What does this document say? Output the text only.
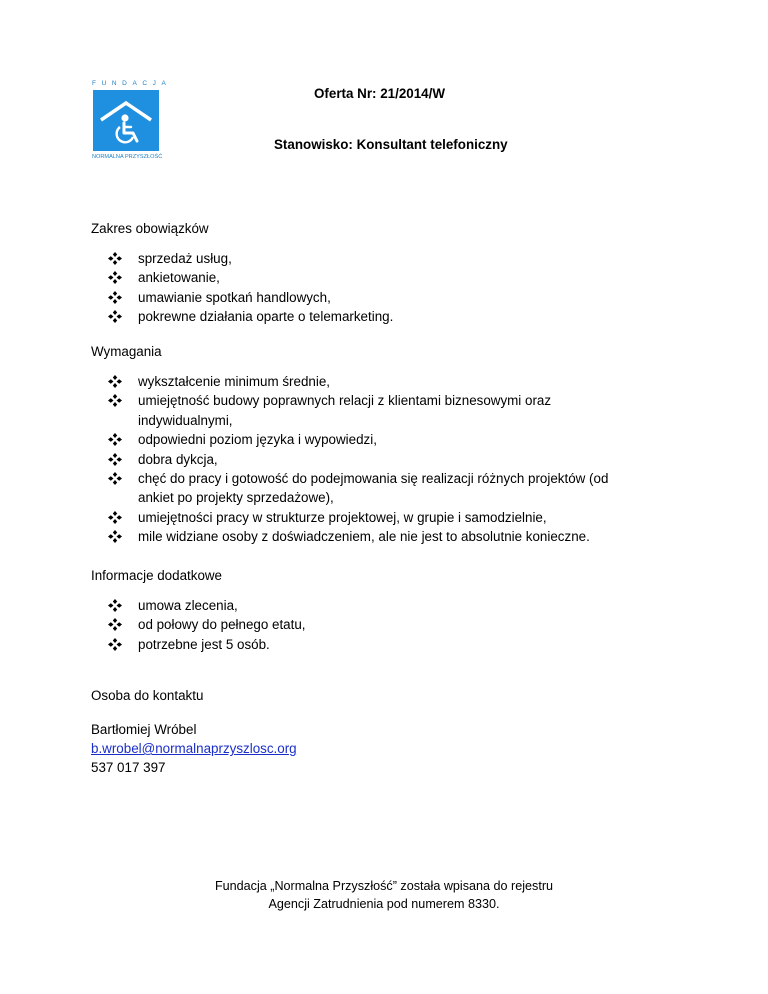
FUNDACJA
NORMALNA PRZYSZŁOŚĆ
Oferta Nr: 21/2014/W
Stanowisko: Konsultant telefoniczny
Zakres obowiązków
sprzedaż usług,
ankietowanie,
umawianie spotkań handlowych,
pokrewne działania oparte o telemarketing.
Wymagania
wykształcenie minimum średnie,
umiejętność budowy poprawnych relacji z klientami biznesowymi oraz
indywidualnymi,
odpowiedni poziom języka i wypowiedzi,
dobra dykcja,
chęć do pracy i gotowość do podejmowania się realizacji różnych projektów (od
ankiet po projekty sprzedażowe),
umiejętności pracy w strukturze projektowej, w grupie i samodzielnie,
mile widziane osoby z doświadczeniem, ale nie jest to absolutnie konieczne.
Informacje dodatkowe
umowa zlecenia,
od połowy do pełnego etatu,
potrzebne jest 5 osób.
Osoba do kontaktu
Bartłomiej Wróbel
b.wrobel@normalnaprzyszlosc.org
537 017 397
Fundacja „Normalna Przyszłość” została wpisana do rejestru
Agencji Zatrudnienia pod numerem 8330.
